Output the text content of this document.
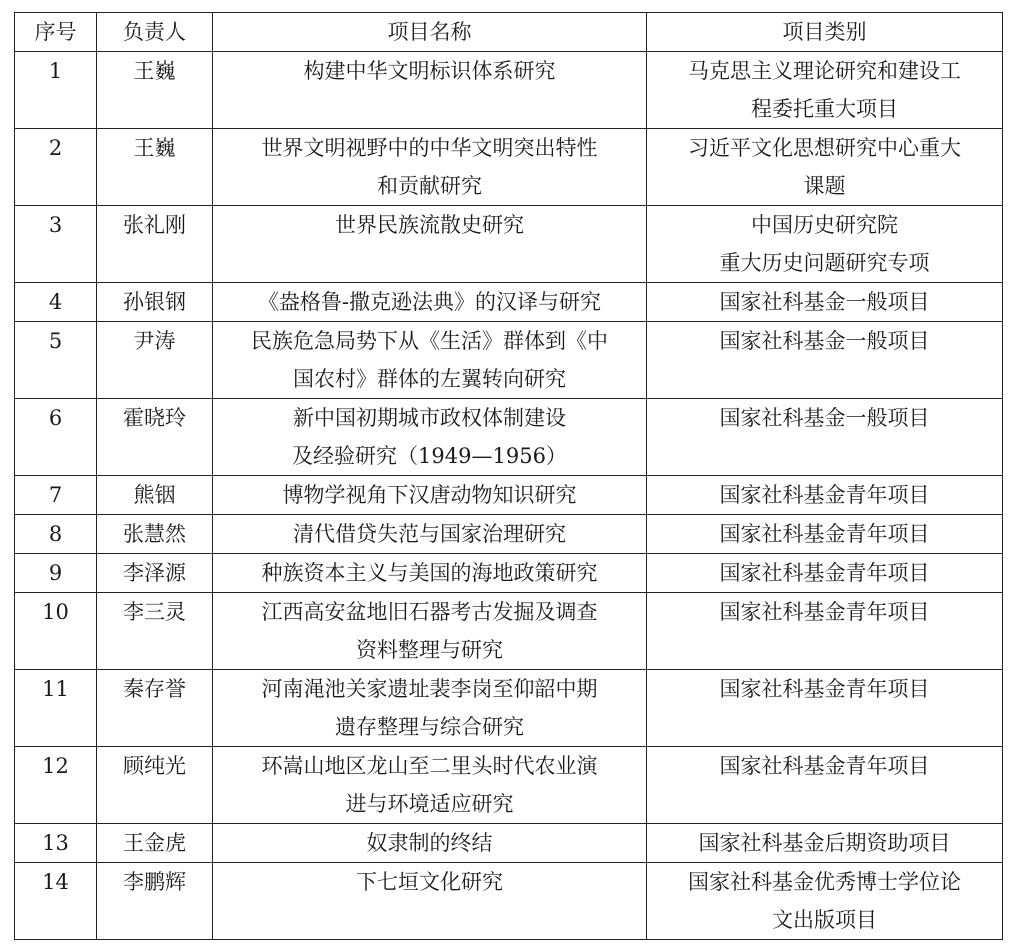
序号	负责人	项目名称	项目类别
1	王巍	构建中华文明标识体系研究	马克思主义理论研究和建设工
程委托重大项目
2	王巍	世界文明视野中的中华文明突出特性
和贡献研究	习近平文化思想研究中心重大
课题
3	张礼刚	世界民族流散史研究	中国历史研究院
重大历史问题研究专项
4	孙银钢	《盎格鲁-撒克逊法典》的汉译与研究	国家社科基金一般项目
5	尹涛	民族危急局势下从《生活》群体到《中
国农村》群体的左翼转向研究	国家社科基金一般项目
6	霍晓玲	新中国初期城市政权体制建设
及经验研究（1949—1956）	国家社科基金一般项目
7	熊铟	博物学视角下汉唐动物知识研究	国家社科基金青年项目
8	张慧然	清代借贷失范与国家治理研究	国家社科基金青年项目
9	李泽源	种族资本主义与美国的海地政策研究	国家社科基金青年项目
10	李三灵	江西高安盆地旧石器考古发掘及调查
资料整理与研究	国家社科基金青年项目
11	秦存誉	河南渑池关家遗址裴李岗至仰韶中期
遗存整理与综合研究	国家社科基金青年项目
12	顾纯光	环嵩山地区龙山至二里头时代农业演
进与环境适应研究	国家社科基金青年项目
13	王金虎	奴隶制的终结	国家社科基金后期资助项目
14	李鹏辉	下七垣文化研究	国家社科基金优秀博士学位论
文出版项目
